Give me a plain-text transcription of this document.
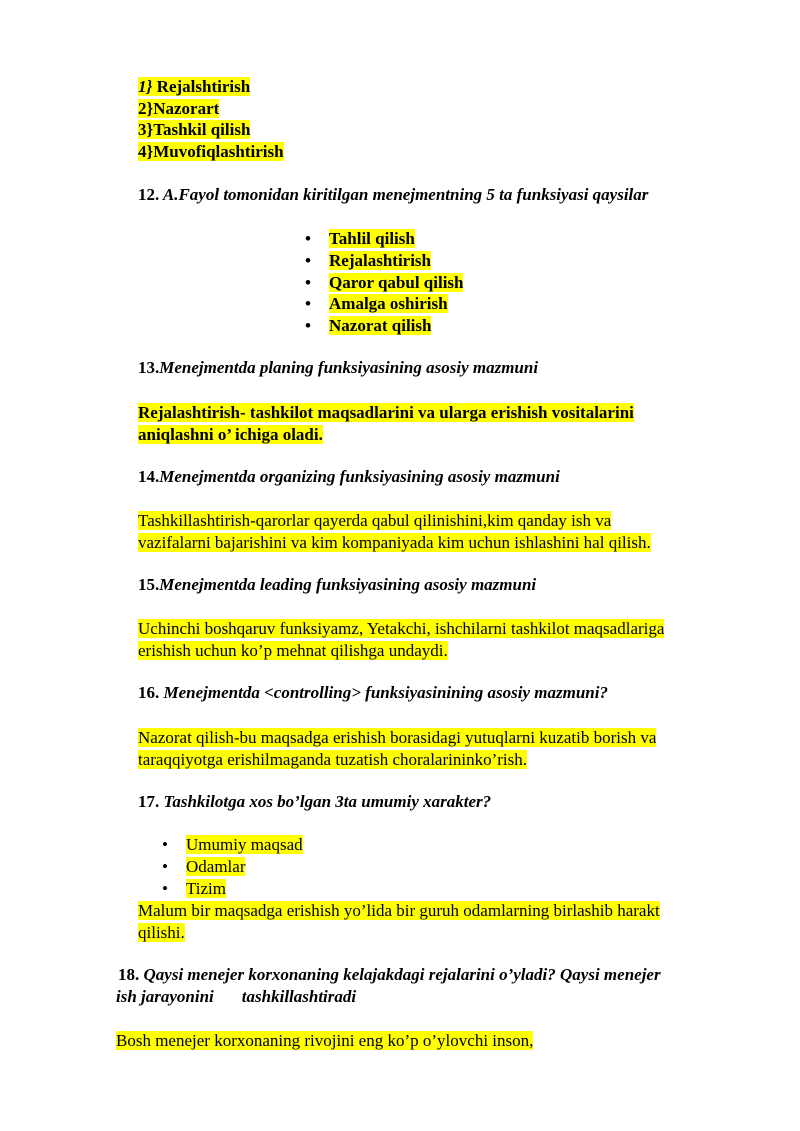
1} Rejalshtirish
2}Nazorart
3}Tashkil qilish
4}Muvofiqlashtirish
12. A.Fayol tomonidan kiritilgan menejmentning 5 ta funksiyasi qaysilar
• Tahlil qilish
• Rejalashtirish
• Qaror qabul qilish
• Amalga oshirish
• Nazorat qilish
13.Menejmentda planing funksiyasining asosiy mazmuni
Rejalashtirish- tashkilot maqsadlarini va ularga erishish vositalarini
aniqlashni o’ ichiga oladi.
14.Menejmentda organizing funksiyasining asosiy mazmuni
Tashkillashtirish-qarorlar qayerda qabul qilinishini,kim qanday ish va
vazifalarni bajarishini va kim kompaniyada kim uchun ishlashini hal qilish.
15.Menejmentda leading funksiyasining asosiy mazmuni
Uchinchi boshqaruv funksiyamz, Yetakchi, ishchilarni tashkilot maqsadlariga
erishish uchun ko’p mehnat qilishga undaydi.
16. Menejmentda <controlling> funksiyasinining asosiy mazmuni?
Nazorat qilish-bu maqsadga erishish borasidagi yutuqlarni kuzatib borish va
taraqqiyotga erishilmaganda tuzatish choralarininko’rish.
17. Tashkilotga xos bo’lgan 3ta umumiy xarakter?
• Umumiy maqsad
• Odamlar
• Tizim
Malum bir maqsadga erishish yo’lida bir guruh odamlarning birlashib harakt
qilishi.
18. Qaysi menejer korxonaning kelajakdagi rejalarini o’yladi? Qaysi menejer
ish jarayonini tashkillashtiradi
Bosh menejer korxonaning rivojini eng ko’p o’ylovchi inson,
